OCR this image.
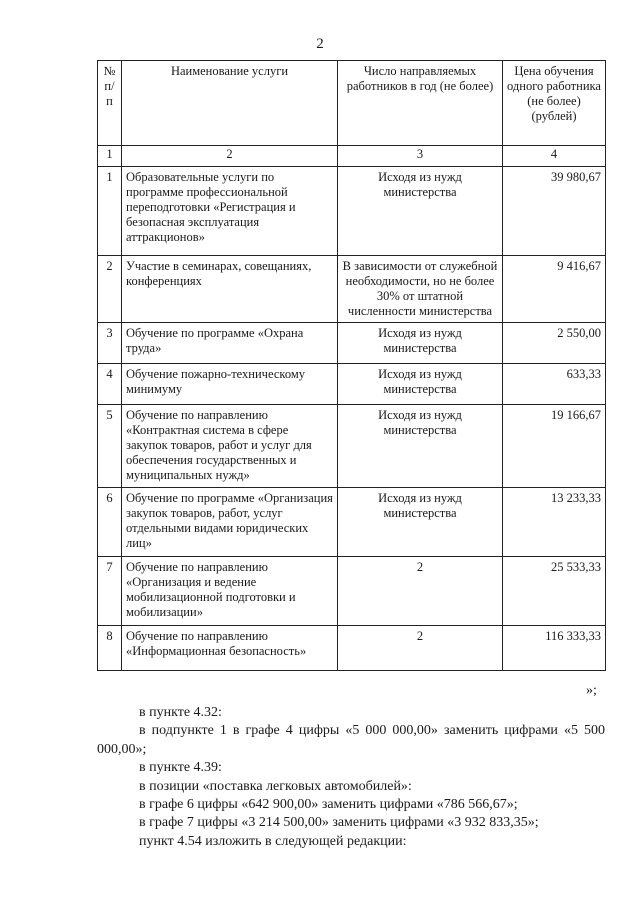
2
№ п/п	Наименование услуги	Число направляемых работников в год (не более)	Цена обучения одного работника (не более) (рублей)
1	2	3	4
1	Образовательные услуги по программе профессиональной переподготовки «Регистрация и безопасная эксплуатация аттракционов»	Исходя из нужд министерства	39 980,67
2	Участие в семинарах, совещаниях, конференциях	В зависимости от служебной необходимости, но не более 30% от штатной численности министерства	9 416,67
3	Обучение по программе «Охрана труда»	Исходя из нужд министерства	2 550,00
4	Обучение пожарно-техническому минимуму	Исходя из нужд министерства	633,33
5	Обучение по направлению «Контрактная система в сфере закупок товаров, работ и услуг для обеспечения государственных и муниципальных нужд»	Исходя из нужд министерства	19 166,67
6	Обучение по программе «Организация закупок товаров, работ, услуг отдельными видами юридических лиц»	Исходя из нужд министерства	13 233,33
7	Обучение по направлению «Организация и ведение мобилизационной подготовки и мобилизации»	2	25 533,33
8	Обучение по направлению «Информационная безопасность»	2	116 333,33
»;

в пункте 4.32:

в подпункте 1 в графе 4 цифры «5 000 000,00» заменить цифрами «5 500 000,00»;

в пункте 4.39:

в позиции «поставка легковых автомобилей»:

в графе 6 цифры «642 900,00» заменить цифрами «786 566,67»;

в графе 7 цифры «3 214 500,00» заменить цифрами «3 932 833,35»;

пункт 4.54 изложить в следующей редакции:
